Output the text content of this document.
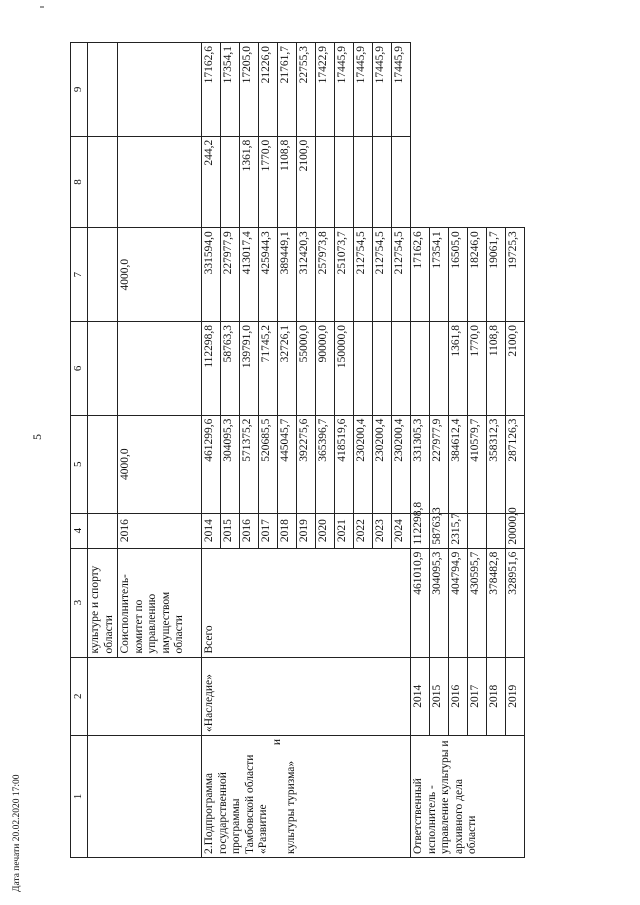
5
Дата печати 20.02.2020 17:00	1	2	3	4	5	6	7	8	9
		культуре и спорту области						
		Соисполнитель- комитет по управлению имуществом области	2016	4000,0		4000,0		

2.Подпрограмма государственной программы Тамбовской области «Развитие
и
культуры туризма»	«Наследие»	Всего	2014	461299,6	112298,8	331594,0	244,2	17162,6
			2015	304095,3	58763,3	227977,9		17354,1
			2016	571375,2	139791,0	413017,4	1361,8	17205,0
			2017	520685,5	71745,2	425944,3	1770,0	21226,0
			2018	445045,7	32726,1	389449,1	1108,8	21761,7
			2019	392275,6	55000,0	312420,3	2100,0	22755,3
			2020	365396,7	90000,0	257973,8		17422,9
			2021	418519,6	150000,0	251073,7		17445,9
			2022	230200,4		212754,5		17445,9
			2023	230200,4		212754,5		17445,9
			2024	230200,4		212754,5		17445,9
Ответственный исполнитель - управление культуры и архивного дела области	2014	461010,9	112298,8	331305,3		17162,6		
	2015	304095,3	58763,3	227977,9		17354,1		
	2016	404794,9	2315,7	384612,4	1361,8	16505,0		
	2017	430595,7		410579,7	1770,0	18246,0		
	2018	378482,8		358312,3	1108,8	19061,7		
	2019	328951,6	20000,0	287126,3	2100,0	19725,3		
